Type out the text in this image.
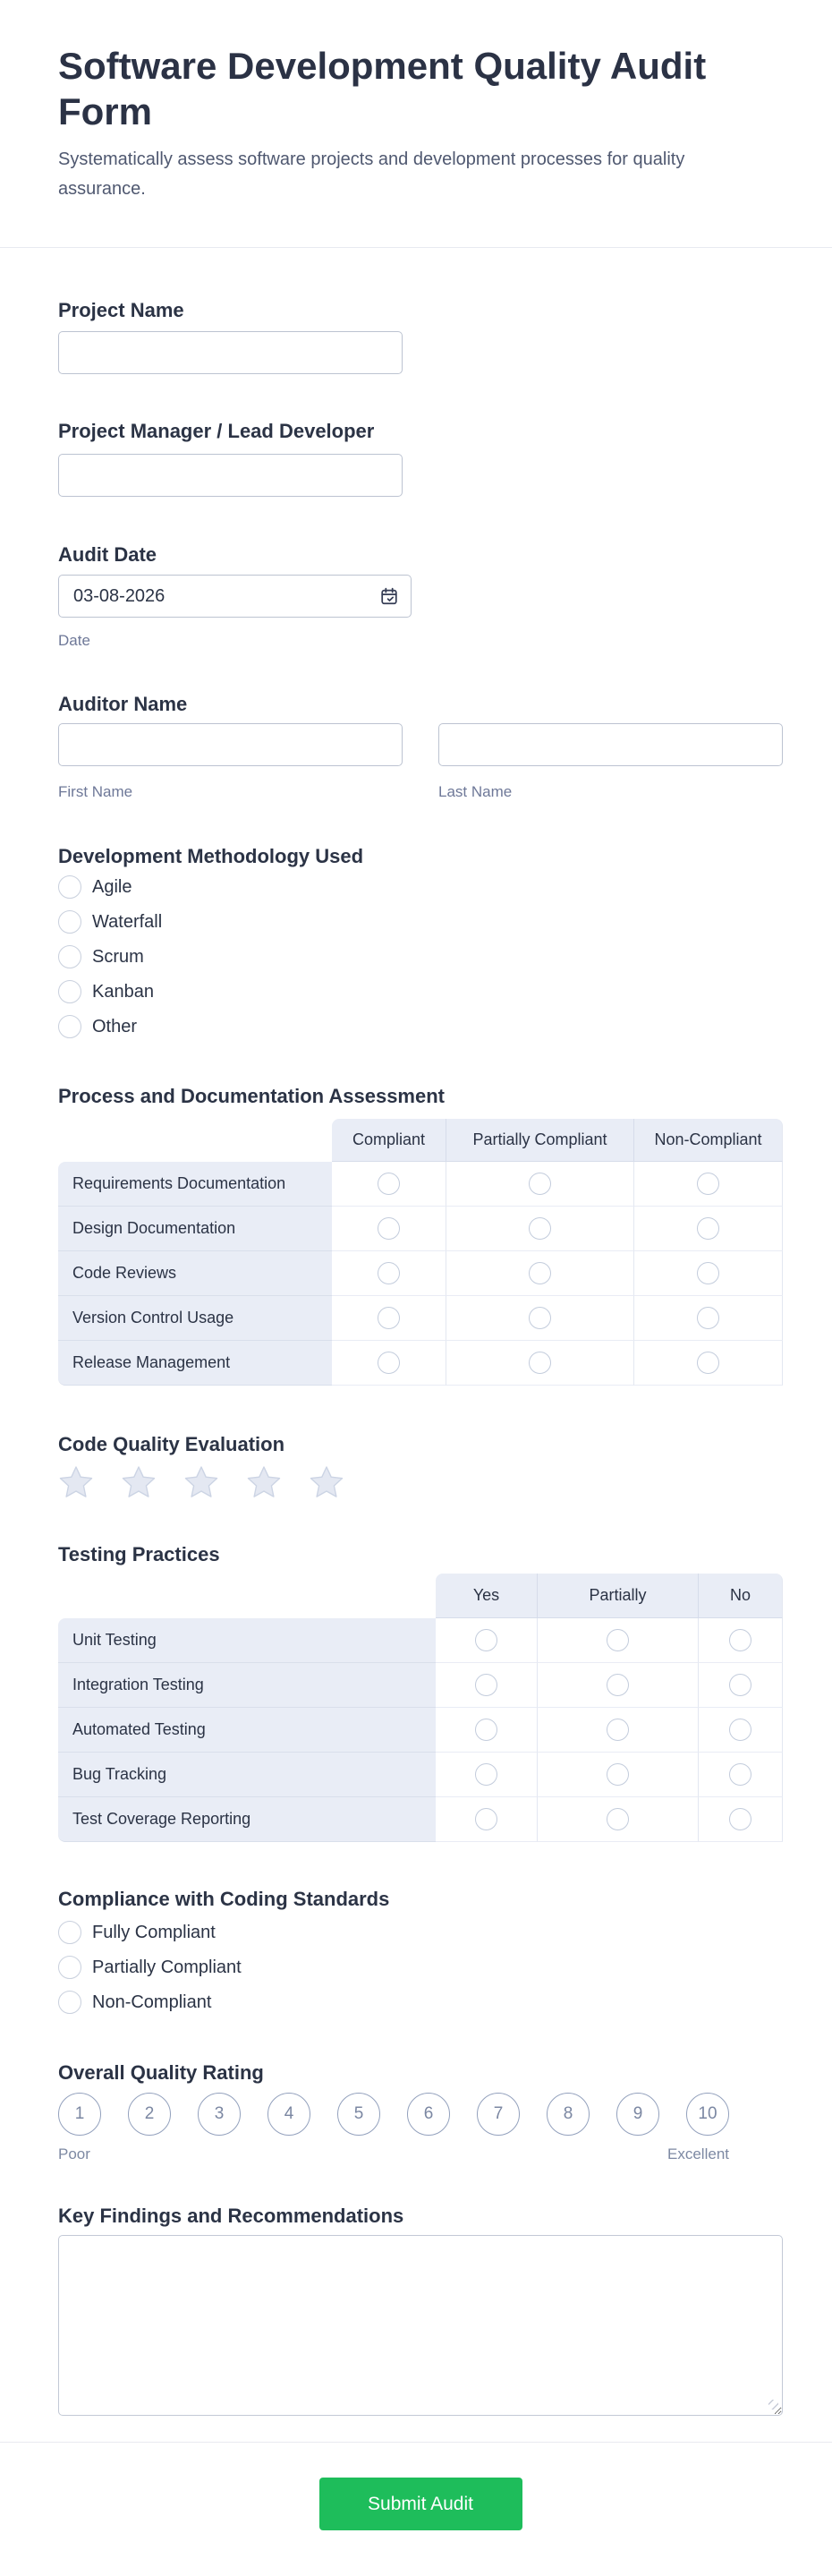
Software Development Quality Audit Form

Systematically assess software projects and development processes for quality assurance.

Project Name
Project Manager / Lead Developer
Audit Date
03-08-2026
Date
Auditor Name
First Name	Last Name
Development Methodology Used
Agile
Waterfall
Scrum
Kanban
Other
Process and Documentation Assessment
Compliant	Partially Compliant	Non-Compliant
Requirements Documentation
Design Documentation
Code Reviews
Version Control Usage
Release Management
Code Quality Evaluation
Testing Practices
Yes	Partially	No
Unit Testing
Integration Testing
Automated Testing
Bug Tracking
Test Coverage Reporting
Compliance with Coding Standards
Fully Compliant
Partially Compliant
Non-Compliant
Overall Quality Rating
1	2	3	4	5	6	7	8	9	10
Poor	Excellent
Key Findings and Recommendations
Submit Audit
